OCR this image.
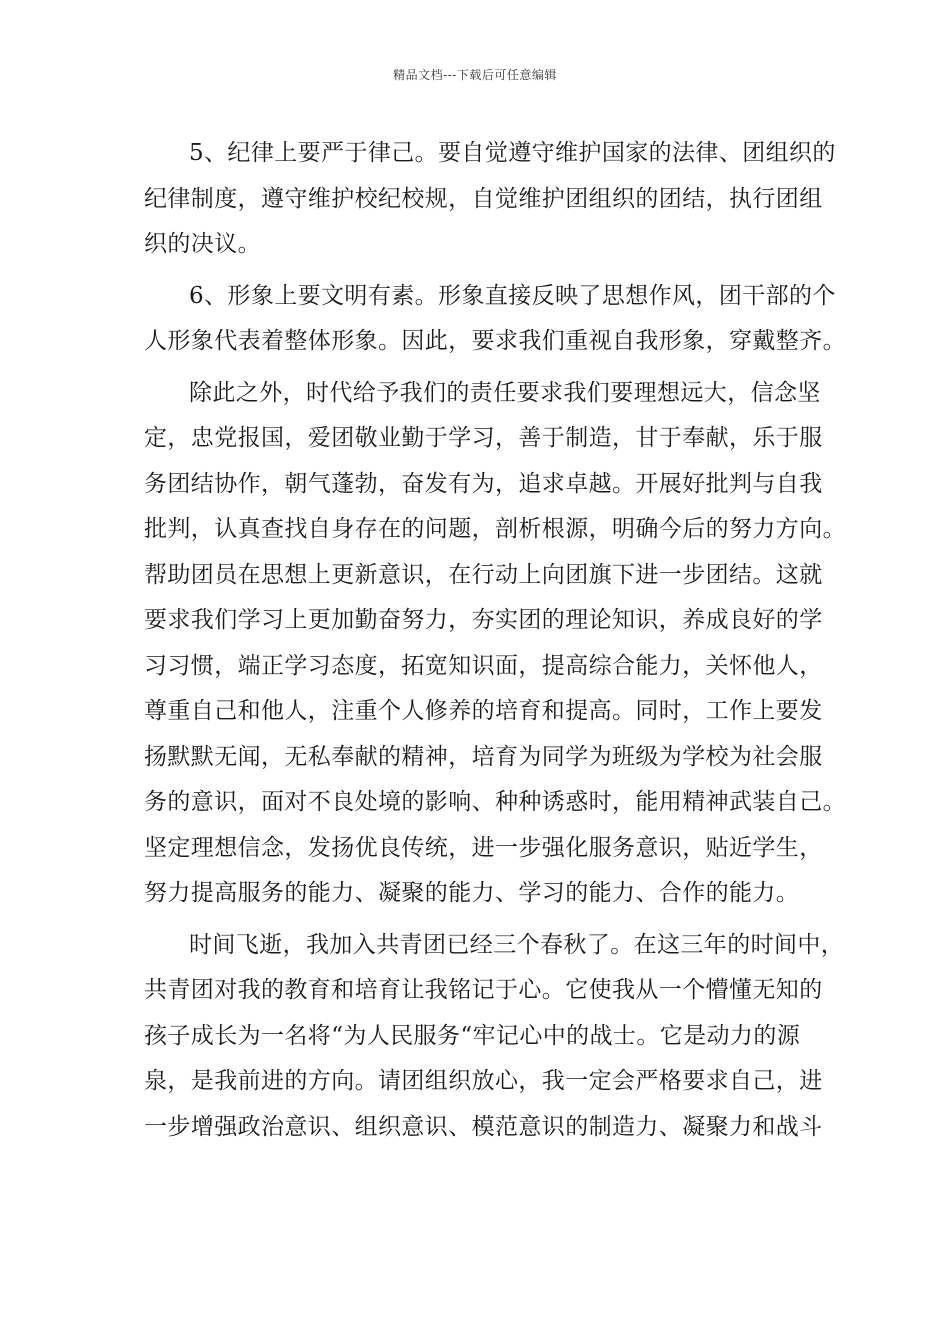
精品文档---下载后可任意编辑
5、纪律上要严于律己。要自觉遵守维护国家的法律、团组织的
纪律制度，遵守维护校纪校规，自觉维护团组织的团结，执行团组
织的决议。
6、形象上要文明有素。形象直接反映了思想作风，团干部的个
人形象代表着整体形象。因此，要求我们重视自我形象，穿戴整齐。
除此之外，时代给予我们的责任要求我们要理想远大，信念坚
定，忠党报国，爱团敬业勤于学习，善于制造，甘于奉献，乐于服
务团结协作，朝气蓬勃，奋发有为，追求卓越。开展好批判与自我
批判，认真查找自身存在的问题，剖析根源，明确今后的努力方向。
帮助团员在思想上更新意识，在行动上向团旗下进一步团结。这就
要求我们学习上更加勤奋努力，夯实团的理论知识，养成良好的学
习习惯，端正学习态度，拓宽知识面，提高综合能力，关怀他人，
尊重自己和他人，注重个人修养的培育和提高。同时，工作上要发
扬默默无闻，无私奉献的精神，培育为同学为班级为学校为社会服
务的意识，面对不良处境的影响、种种诱惑时，能用精神武装自己。
坚定理想信念，发扬优良传统，进一步强化服务意识，贴近学生，
努力提高服务的能力、凝聚的能力、学习的能力、合作的能力。
时间飞逝，我加入共青团已经三个春秋了。在这三年的时间中，
共青团对我的教育和培育让我铭记于心。它使我从一个懵懂无知的
孩子成长为一名将“为人民服务“牢记心中的战士。它是动力的源
泉，是我前进的方向。请团组织放心，我一定会严格要求自己，进
一步增强政治意识、组织意识、模范意识的制造力、凝聚力和战斗
